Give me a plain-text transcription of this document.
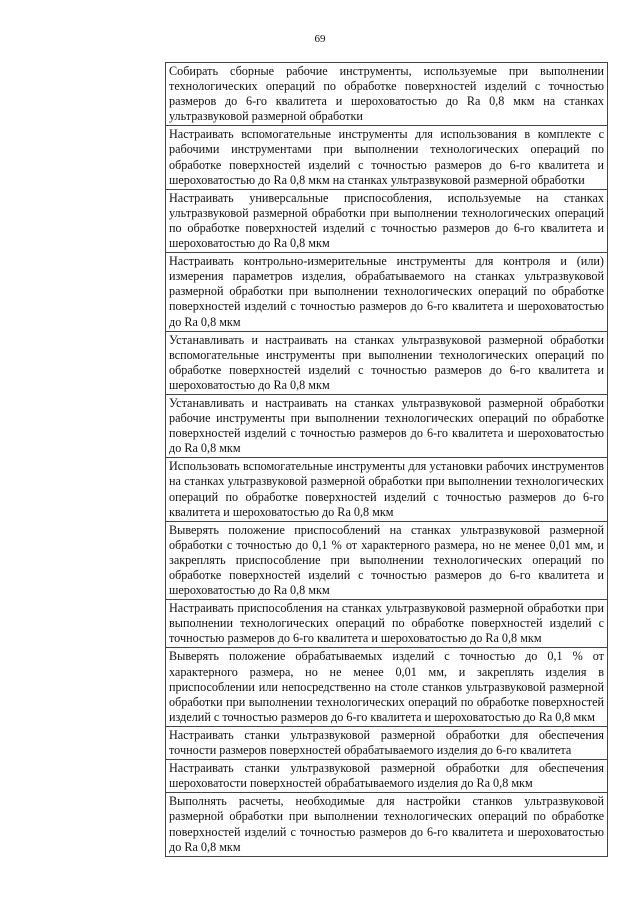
69
Собирать сборные рабочие инструменты, используемые при выполнении технологических операций по обработке поверхностей изделий с точностью размеров до 6-го квалитета и шероховатостью до Ra 0,8 мкм на станках ультразвуковой размерной обработки
Настраивать вспомогательные инструменты для использования в комплекте с рабочими инструментами при выполнении технологических операций по обработке поверхностей изделий с точностью размеров до 6-го квалитета и шероховатостью до Ra 0,8 мкм на станках ультразвуковой размерной обработки
Настраивать универсальные приспособления, используемые на станках ультразвуковой размерной обработки при выполнении технологических операций по обработке поверхностей изделий с точностью размеров до 6-го квалитета и шероховатостью до Ra 0,8 мкм
Настраивать контрольно-измерительные инструменты для контроля и (или) измерения параметров изделия, обрабатываемого на станках ультразвуковой размерной обработки при выполнении технологических операций по обработке поверхностей изделий с точностью размеров до 6-го квалитета и шероховатостью до Ra 0,8 мкм
Устанавливать и настраивать на станках ультразвуковой размерной обработки вспомогательные инструменты при выполнении технологических операций по обработке поверхностей изделий с точностью размеров до 6-го квалитета и шероховатостью до Ra 0,8 мкм
Устанавливать и настраивать на станках ультразвуковой размерной обработки рабочие инструменты при выполнении технологических операций по обработке поверхностей изделий с точностью размеров до 6-го квалитета и шероховатостью до Ra 0,8 мкм
Использовать вспомогательные инструменты для установки рабочих инструментов на станках ультразвуковой размерной обработки при выполнении технологических операций по обработке поверхностей изделий с точностью размеров до 6-го квалитета и шероховатостью до Ra 0,8 мкм
Выверять положение приспособлений на станках ультразвуковой размерной обработки с точностью до 0,1 % от характерного размера, но не менее 0,01 мм, и закреплять приспособление при выполнении технологических операций по обработке поверхностей изделий с точностью размеров до 6-го квалитета и шероховатостью до Ra 0,8 мкм
Настраивать приспособления на станках ультразвуковой размерной обработки при выполнении технологических операций по обработке поверхностей изделий с точностью размеров до 6-го квалитета и шероховатостью до Ra 0,8 мкм
Выверять положение обрабатываемых изделий с точностью до 0,1 % от характерного размера, но не менее 0,01 мм, и закреплять изделия в приспособлении или непосредственно на столе станков ультразвуковой размерной обработки при выполнении технологических операций по обработке поверхностей изделий с точностью размеров до 6-го квалитета и шероховатостью до Ra 0,8 мкм
Настраивать станки ультразвуковой размерной обработки для обеспечения точности размеров поверхностей обрабатываемого изделия до 6-го квалитета
Настраивать станки ультразвуковой размерной обработки для обеспечения шероховатости поверхностей обрабатываемого изделия до Ra 0,8 мкм
Выполнять расчеты, необходимые для настройки станков ультразвуковой размерной обработки при выполнении технологических операций по обработке поверхностей изделий с точностью размеров до 6-го квалитета и шероховатостью до Ra 0,8 мкм
